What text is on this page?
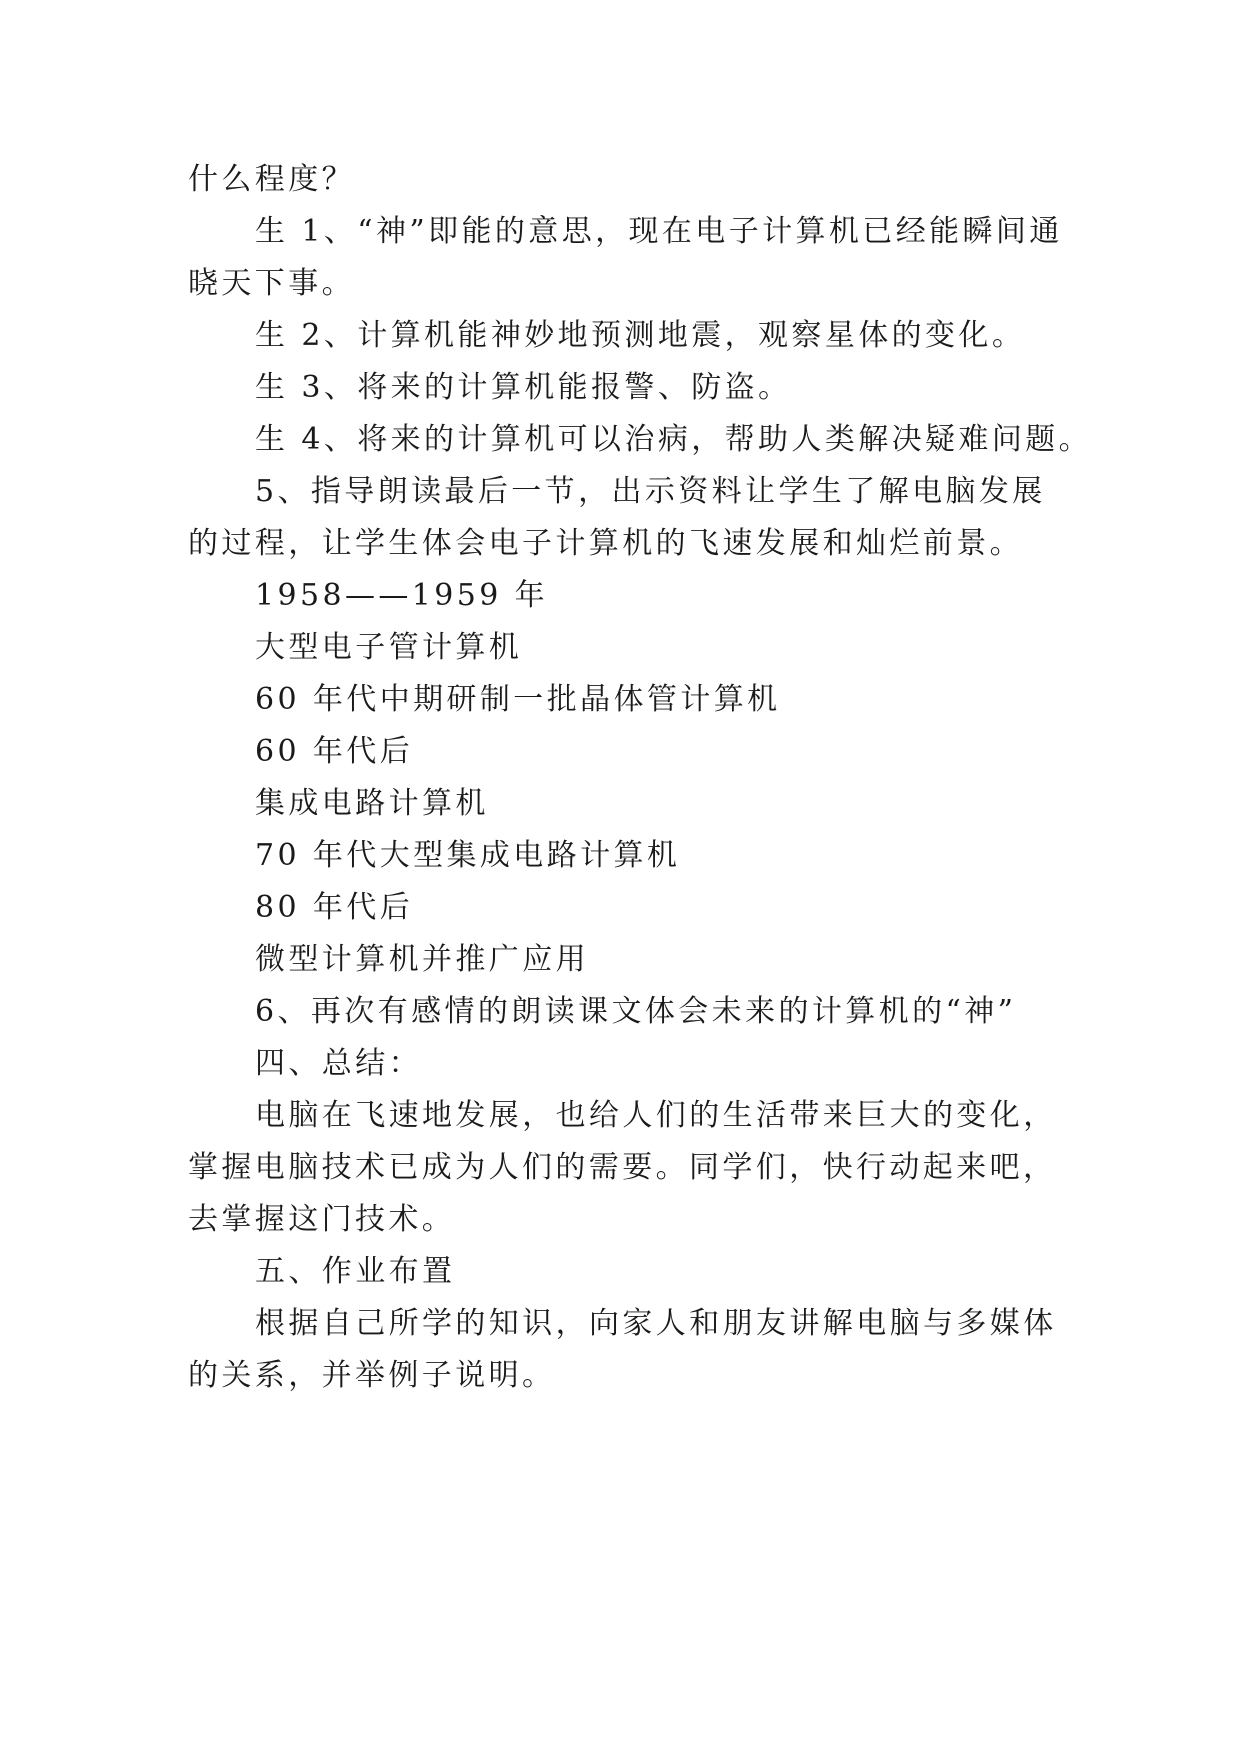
什么程度？
生 1、“神”即能的意思，现在电子计算机已经能瞬间通
晓天下事。
生 2、计算机能神妙地预测地震，观察星体的变化。
生 3、将来的计算机能报警、防盗。
生 4、将来的计算机可以治病，帮助人类解决疑难问题。
5、指导朗读最后一节，出示资料让学生了解电脑发展
的过程，让学生体会电子计算机的飞速发展和灿烂前景。
1958——1959 年
大型电子管计算机
60 年代中期研制一批晶体管计算机
60 年代后
集成电路计算机
70 年代大型集成电路计算机
80 年代后
微型计算机并推广应用
6、再次有感情的朗读课文体会未来的计算机的“神”
四、总结：
电脑在飞速地发展，也给人们的生活带来巨大的变化，
掌握电脑技术已成为人们的需要。同学们，快行动起来吧，
去掌握这门技术。
五、作业布置
根据自己所学的知识，向家人和朋友讲解电脑与多媒体
的关系，并举例子说明。
